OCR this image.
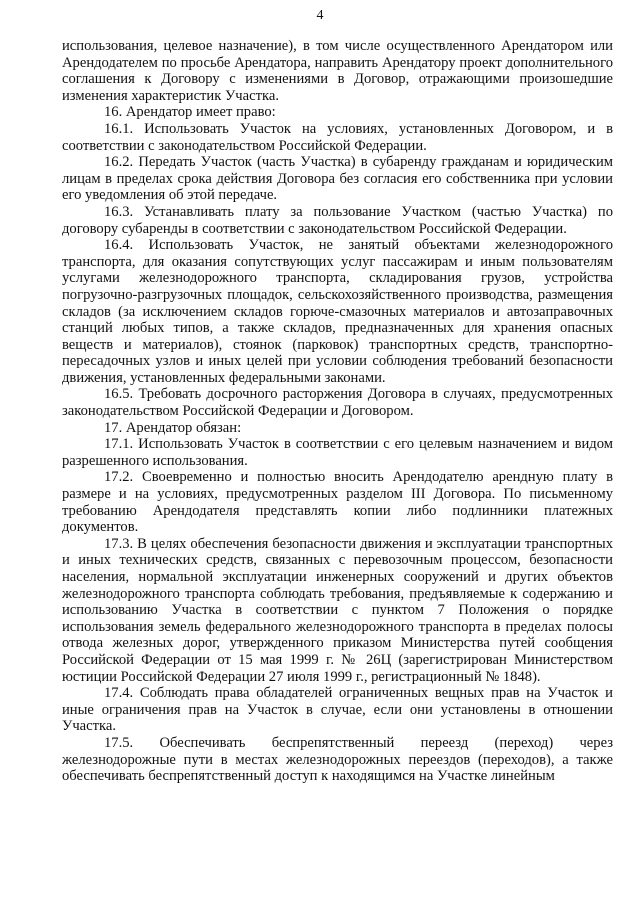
4

использования, целевое назначение), в том числе осуществленного Арендатором или Арендодателем по просьбе Арендатора, направить Арендатору проект дополнительного соглашения к Договору с изменениями в Договор, отражающими произошедшие изменения характеристик Участка.

16. Арендатор имеет право:

16.1. Использовать Участок на условиях, установленных Договором, и в соответствии с законодательством Российской Федерации.

16.2. Передать Участок (часть Участка) в субаренду гражданам и юридическим лицам в пределах срока действия Договора без согласия его собственника при условии его уведомления об этой передаче.

16.3. Устанавливать плату за пользование Участком (частью Участка) по договору субаренды в соответствии с законодательством Российской Федерации.

16.4. Использовать Участок, не занятый объектами железнодорожного транспорта, для оказания сопутствующих услуг пассажирам и иным пользователям услугами железнодорожного транспорта, складирования грузов, устройства погрузочно-разгрузочных площадок, сельскохозяйственного производства, размещения складов (за исключением складов горюче-смазочных материалов и автозаправочных станций любых типов, а также складов, предназначенных для хранения опасных веществ и материалов), стоянок (парковок) транспортных средств, транспортно-пересадочных узлов и иных целей при условии соблюдения требований безопасности движения, установленных федеральными законами.

16.5. Требовать досрочного расторжения Договора в случаях, предусмотренных законодательством Российской Федерации и Договором.

17. Арендатор обязан:

17.1. Использовать Участок в соответствии с его целевым назначением и видом разрешенного использования.

17.2. Своевременно и полностью вносить Арендодателю арендную плату в размере и на условиях, предусмотренных разделом III Договора. По письменному требованию Арендодателя представлять копии либо подлинники платежных документов.

17.3. В целях обеспечения безопасности движения и эксплуатации транспортных и иных технических средств, связанных с перевозочным процессом, безопасности населения, нормальной эксплуатации инженерных сооружений и других объектов железнодорожного транспорта соблюдать требования, предъявляемые к содержанию и использованию Участка в соответствии с пунктом 7 Положения о порядке использования земель федерального железнодорожного транспорта в пределах полосы отвода железных дорог, утвержденного приказом Министерства путей сообщения Российской Федерации от 15 мая 1999 г. № 26Ц (зарегистрирован Министерством юстиции Российской Федерации 27 июля 1999 г., регистрационный № 1848).

17.4. Соблюдать права обладателей ограниченных вещных прав на Участок и иные ограничения прав на Участок в случае, если они установлены в отношении Участка.

17.5. Обеспечивать беспрепятственный переезд (переход) через железнодорожные пути в местах железнодорожных переездов (переходов), а также обеспечивать беспрепятственный доступ к находящимся на Участке линейным
